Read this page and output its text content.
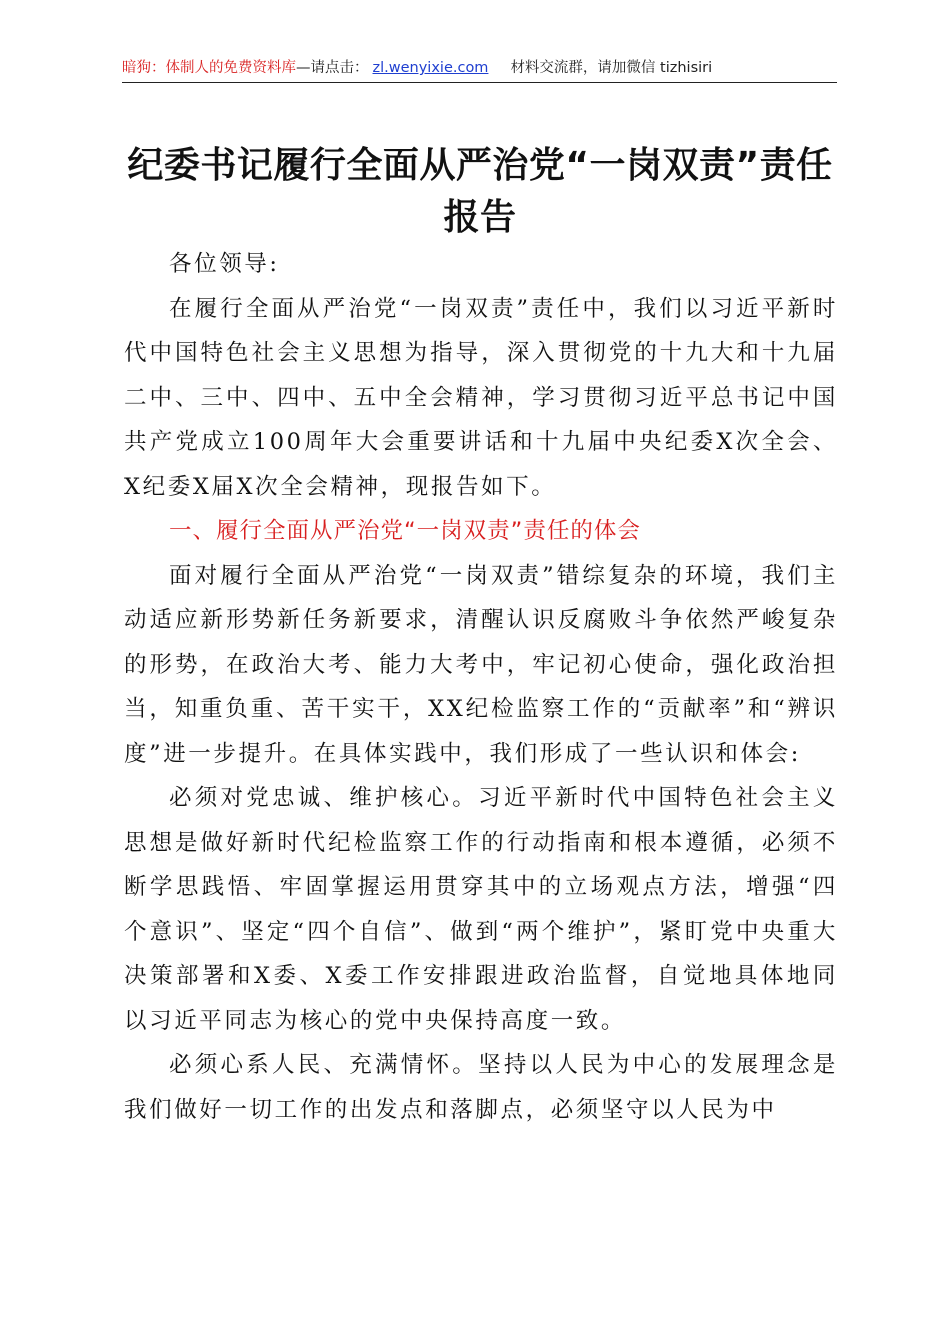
暗狗：体制人的免费资料库—请点击： zl.wenyixie.com 材料交流群，请加微信 tizhisiri
纪委书记履行全面从严治党“一岗双责”责任
报告

各位领导:

在履行全面从严治党“一岗双责”责任中，我们以习近平新时代中国特色社会主义思想为指导，深入贯彻党的十九大和十九届二中、三中、四中、五中全会精神，学习贯彻习近平总书记中国共产党成立100周年大会重要讲话和十九届中央纪委X次全会、X纪委X届X次全会精神，现报告如下。

一、履行全面从严治党“一岗双责”责任的体会

面对履行全面从严治党“一岗双责”错综复杂的环境，我们主动适应新形势新任务新要求，清醒认识反腐败斗争依然严峻复杂的形势，在政治大考、能力大考中，牢记初心使命，强化政治担当，知重负重、苦干实干，XX纪检监察工作的“贡献率”和“辨识度”进一步提升。在具体实践中，我们形成了一些认识和体会:

必须对党忠诚、维护核心。习近平新时代中国特色社会主义思想是做好新时代纪检监察工作的行动指南和根本遵循，必须不断学思践悟、牢固掌握运用贯穿其中的立场观点方法，增强“四个意识”、坚定“四个自信”、做到“两个维护”，紧盯党中央重大决策部署和X委、X委工作安排跟进政治监督，自觉地具体地同以习近平同志为核心的党中央保持高度一致。

必须心系人民、充满情怀。坚持以人民为中心的发展理念是我们做好一切工作的出发点和落脚点，必须坚守以人民为中
